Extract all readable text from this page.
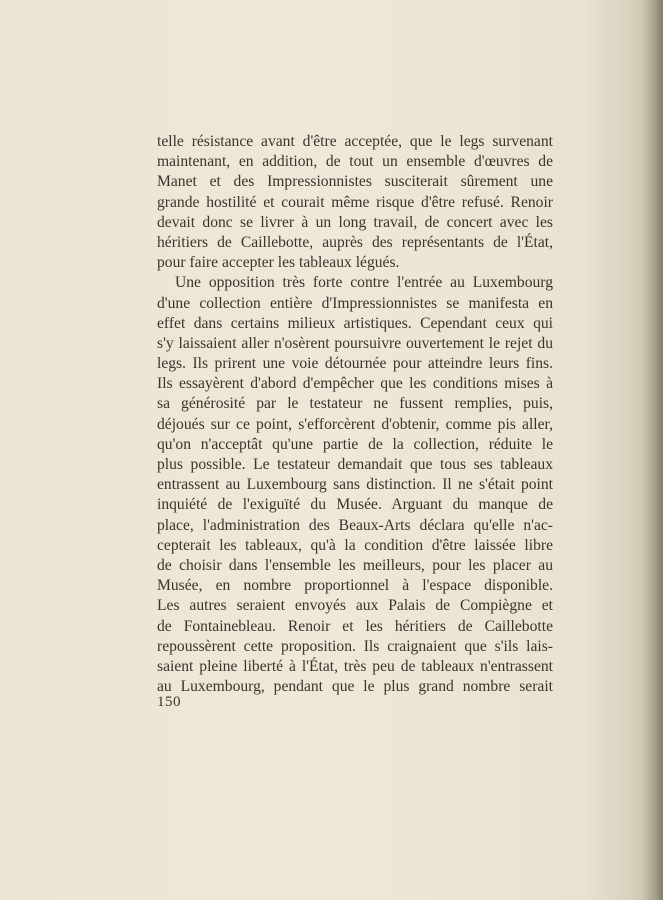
telle résistance avant d'être acceptée, que le legs survenant
maintenant, en addition, de tout un ensemble d'œuvres de
Manet et des Impressionnistes susciterait sûrement une
grande hostilité et courait même risque d'être refusé. Renoir
devait donc se livrer à un long travail, de concert avec les
héritiers de Caillebotte, auprès des représentants de l'État,
pour faire accepter les tableaux légués.
Une opposition très forte contre l'entrée au Luxembourg
d'une collection entière d'Impressionnistes se manifesta en
effet dans certains milieux artistiques. Cependant ceux qui
s'y laissaient aller n'osèrent poursuivre ouvertement le rejet du
legs. Ils prirent une voie détournée pour atteindre leurs fins.
Ils essayèrent d'abord d'empêcher que les conditions mises à
sa générosité par le testateur ne fussent remplies, puis,
déjoués sur ce point, s'efforcèrent d'obtenir, comme pis aller,
qu'on n'acceptât qu'une partie de la collection, réduite le
plus possible. Le testateur demandait que tous ses tableaux
entrassent au Luxembourg sans distinction. Il ne s'était point
inquiété de l'exiguïté du Musée. Arguant du manque de
place, l'administration des Beaux-Arts déclara qu'elle n'ac-
cepterait les tableaux, qu'à la condition d'être laissée libre
de choisir dans l'ensemble les meilleurs, pour les placer au
Musée, en nombre proportionnel à l'espace disponible.
Les autres seraient envoyés aux Palais de Compiègne et
de Fontainebleau. Renoir et les héritiers de Caillebotte
repoussèrent cette proposition. Ils craignaient que s'ils lais-
saient pleine liberté à l'État, très peu de tableaux n'entrassent
au Luxembourg, pendant que le plus grand nombre serait
150
